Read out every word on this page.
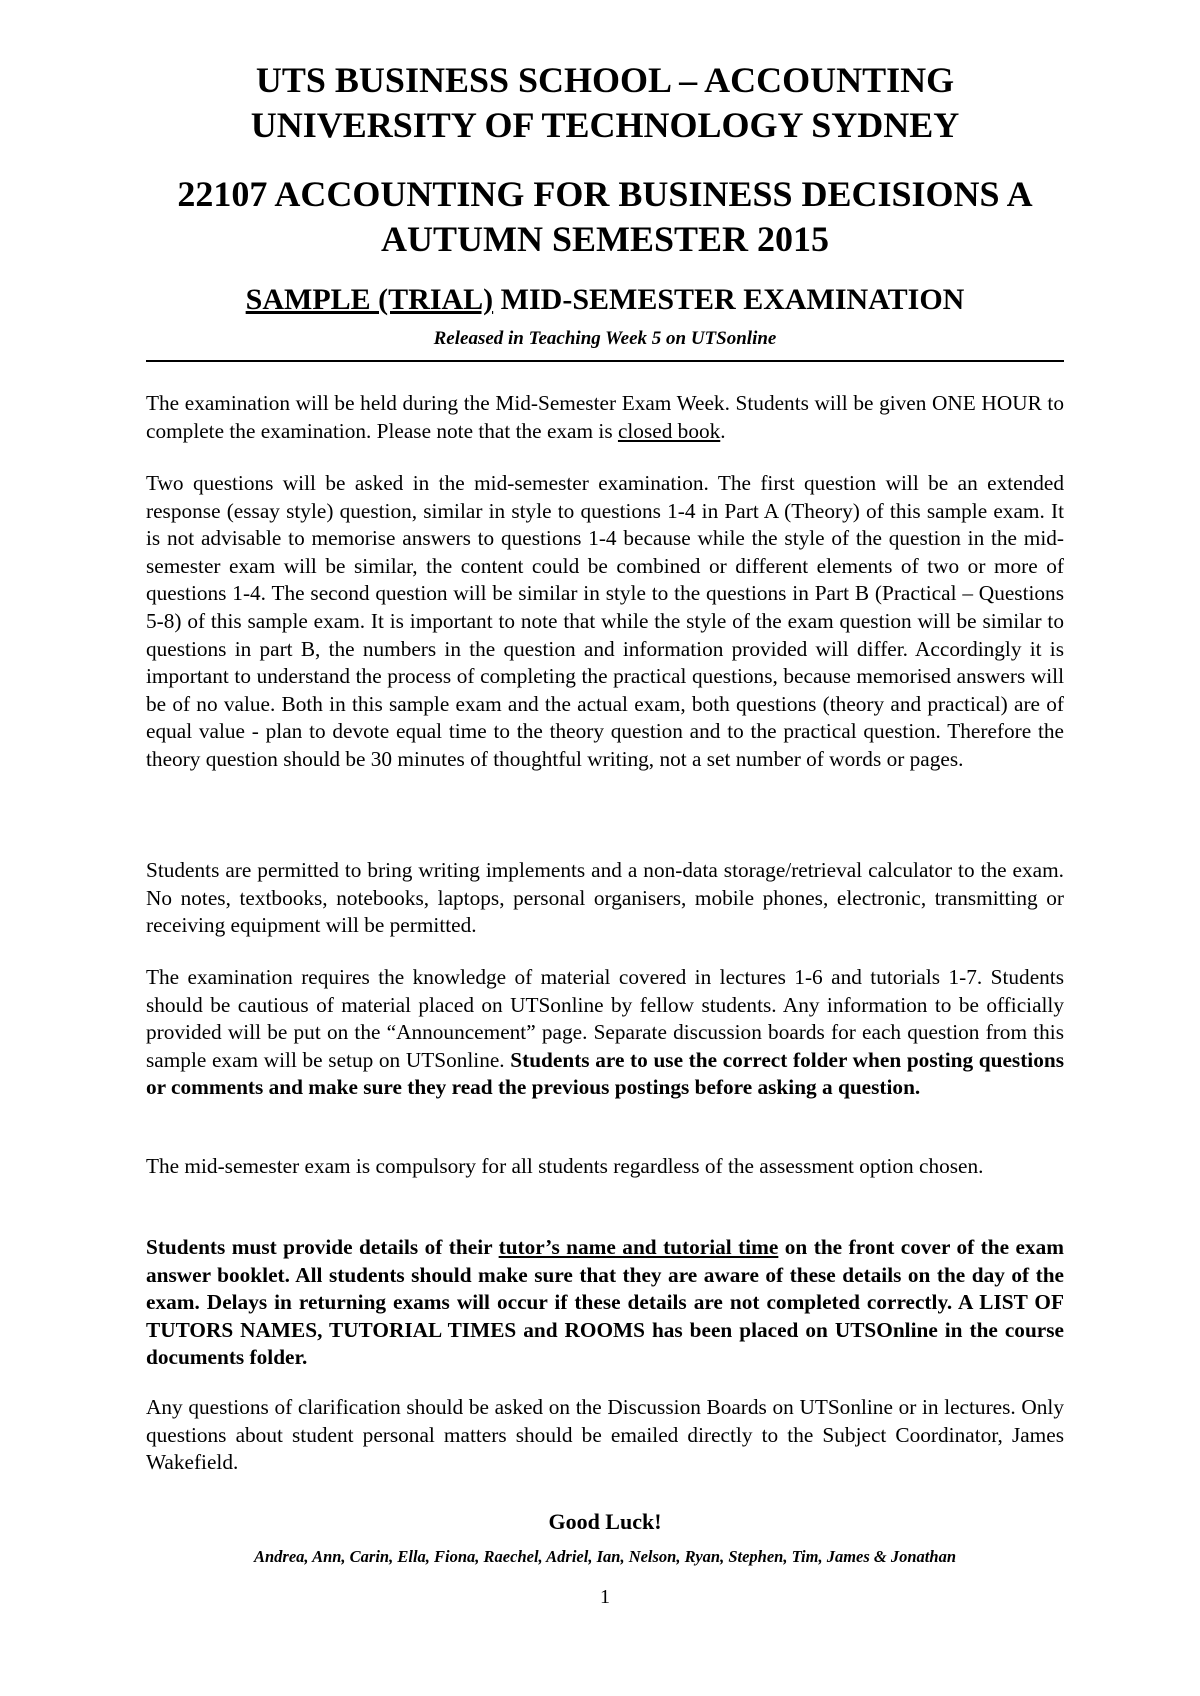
UTS BUSINESS SCHOOL – ACCOUNTING
UNIVERSITY OF TECHNOLOGY SYDNEY
22107 ACCOUNTING FOR BUSINESS DECISIONS A
AUTUMN SEMESTER 2015
SAMPLE (TRIAL) MID-SEMESTER EXAMINATION
Released in Teaching Week 5 on UTSonline
The examination will be held during the Mid-Semester Exam Week. Students will be given ONE HOUR to complete the examination. Please note that the exam is closed book.
Two questions will be asked in the mid-semester examination. The first question will be an extended response (essay style) question, similar in style to questions 1-4 in Part A (Theory) of this sample exam. It is not advisable to memorise answers to questions 1-4 because while the style of the question in the mid-semester exam will be similar, the content could be combined or different elements of two or more of questions 1-4. The second question will be similar in style to the questions in Part B (Practical – Questions 5-8) of this sample exam. It is important to note that while the style of the exam question will be similar to questions in part B, the numbers in the question and information provided will differ. Accordingly it is important to understand the process of completing the practical questions, because memorised answers will be of no value. Both in this sample exam and the actual exam, both questions (theory and practical) are of equal value - plan to devote equal time to the theory question and to the practical question. Therefore the theory question should be 30 minutes of thoughtful writing, not a set number of words or pages.
Students are permitted to bring writing implements and a non-data storage/retrieval calculator to the exam. No notes, textbooks, notebooks, laptops, personal organisers, mobile phones, electronic, transmitting or receiving equipment will be permitted.
The examination requires the knowledge of material covered in lectures 1-6 and tutorials 1-7. Students should be cautious of material placed on UTSonline by fellow students. Any information to be officially provided will be put on the “Announcement” page. Separate discussion boards for each question from this sample exam will be setup on UTSonline. Students are to use the correct folder when posting questions or comments and make sure they read the previous postings before asking a question.
The mid-semester exam is compulsory for all students regardless of the assessment option chosen.
Students must provide details of their tutor’s name and tutorial time on the front cover of the exam answer booklet. All students should make sure that they are aware of these details on the day of the exam. Delays in returning exams will occur if these details are not completed correctly. A LIST OF TUTORS NAMES, TUTORIAL TIMES and ROOMS has been placed on UTSOnline in the course documents folder.
Any questions of clarification should be asked on the Discussion Boards on UTSonline or in lectures. Only questions about student personal matters should be emailed directly to the Subject Coordinator, James Wakefield.
Good Luck!
Andrea, Ann, Carin, Ella, Fiona, Raechel, Adriel, Ian, Nelson, Ryan, Stephen, Tim, James & Jonathan
1
